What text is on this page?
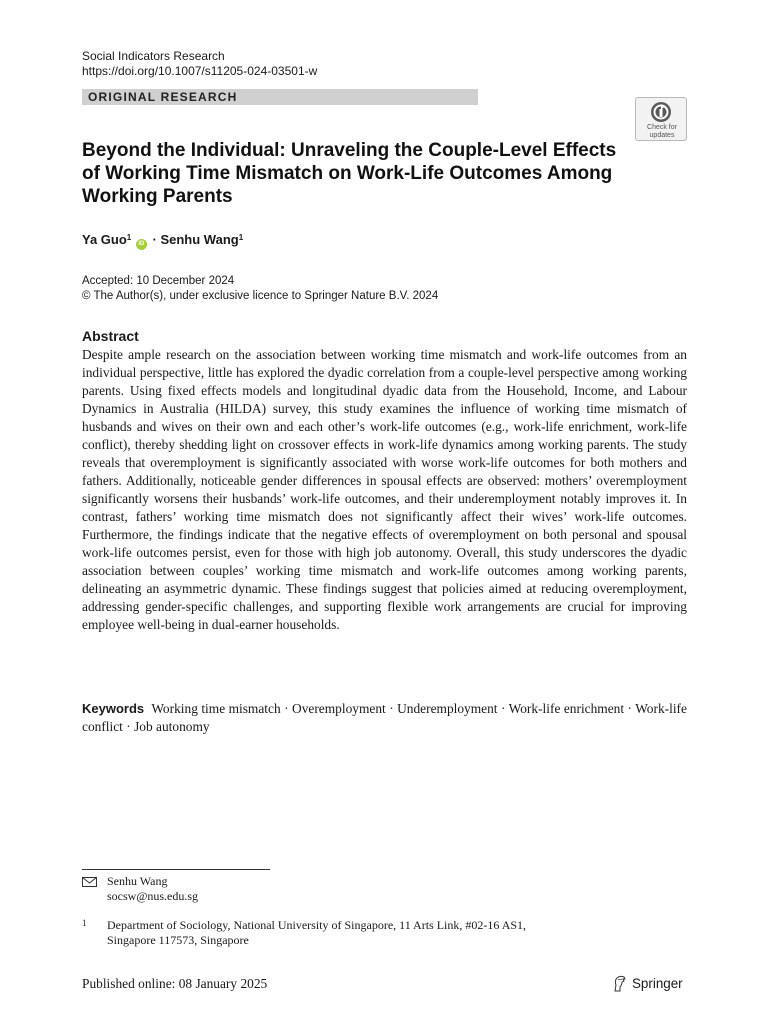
Social Indicators Research
https://doi.org/10.1007/s11205-024-03501-w
ORIGINAL RESEARCH
Check for
updates
Beyond the Individual: Unraveling the Couple-Level Effects
of Working Time Mismatch on Work-Life Outcomes Among
Working Parents
Ya Guo$^1$ iD · Senhu Wang$^1$
Accepted: 10 December 2024
© The Author(s), under exclusive licence to Springer Nature B.V. 2024
Abstract
Despite ample research on the association between working time mismatch and work-life outcomes from an individual perspective, little has explored the dyadic correlation from a couple-level perspective among working parents. Using fixed effects models and longitudinal dyadic data from the Household, Income, and Labour Dynamics in Australia (HILDA) survey, this study examines the influence of working time mismatch of husbands and wives on their own and each other’s work-life outcomes (e.g., work-life enrichment, work-life conflict), thereby shedding light on crossover effects in work-life dynamics among working parents. The study reveals that overemployment is significantly associated with worse work-life outcomes for both mothers and fathers. Additionally, noticeable gender differences in spousal effects are observed: mothers’ overemployment significantly worsens their husbands’ work-life outcomes, and their underemployment notably improves it. In contrast, fathers’ working time mismatch does not significantly affect their wives’ work-life outcomes. Furthermore, the findings indicate that the negative effects of overemployment on both personal and spousal work-life outcomes persist, even for those with high job autonomy. Overall, this study underscores the dyadic association between couples’ working time mismatch and work-life outcomes among working parents, delineating an asymmetric dynamic. These findings suggest that policies aimed at reducing overemployment, addressing gender-specific challenges, and supporting flexible work arrangements are crucial for improving employee well-being in dual-earner households.
Keywords Working time mismatch · Overemployment · Underemployment · Work-life enrichment · Work-life conflict · Job autonomy
Senhu Wang
socsw@nus.edu.sg
1 Department of Sociology, National University of Singapore, 11 Arts Link, #02-16 AS1,
Singapore 117573, Singapore
Published online: 08 January 2025	Springer
